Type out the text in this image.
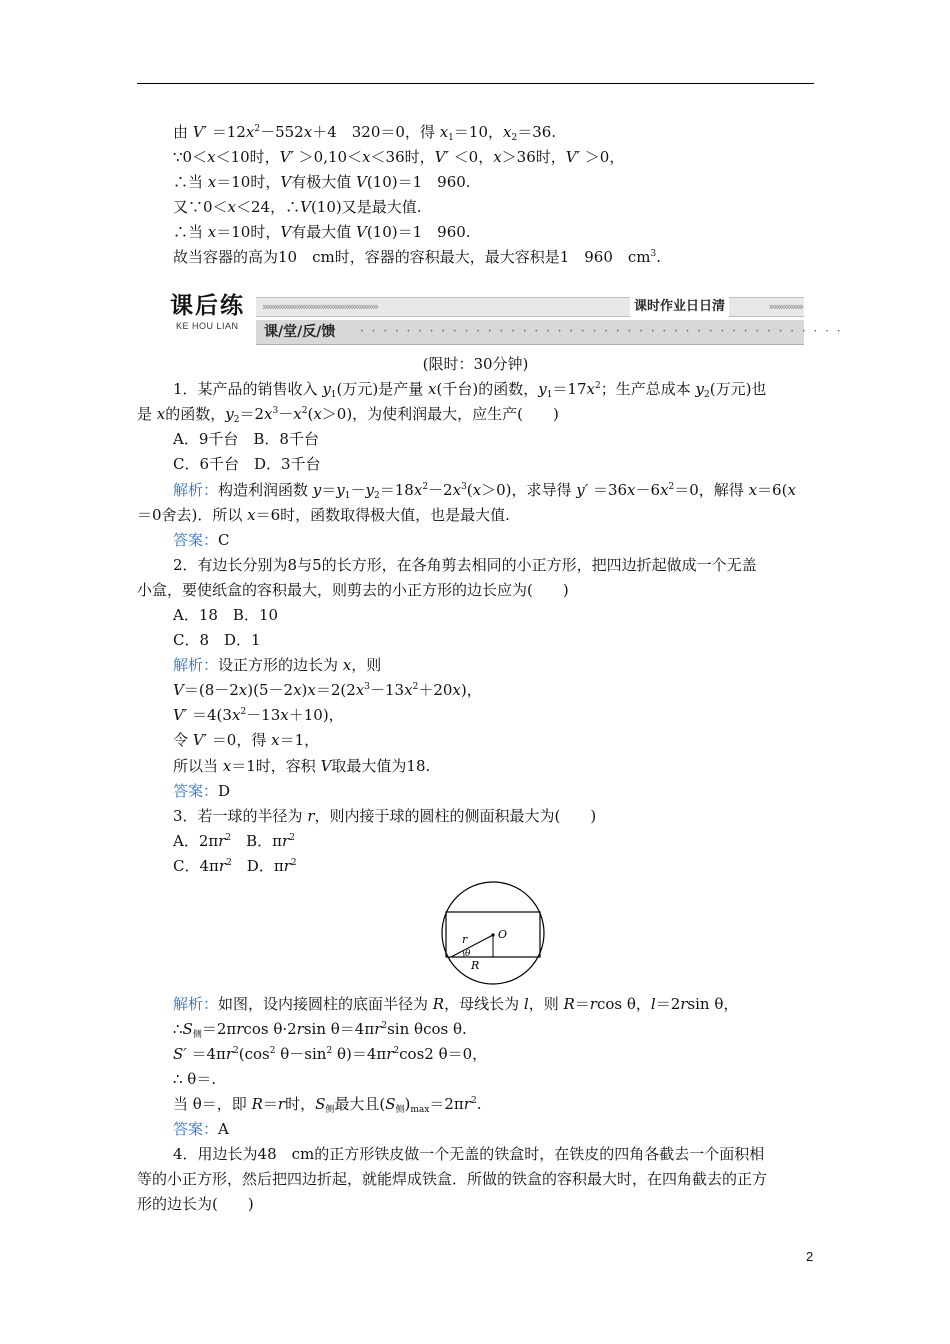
由 $V' =12x^2-552x+4$　320＝0，得 $x_1=10$，$x_2=36$.
∵0＜x＜10时，V′ ＞0,10＜x＜36时，V′ ＜0，x＞36时，V′ ＞0，
∴当 x＝10时，V有极大值 V(10)＝1　960.
又∵0＜x＜24，∴V(10)又是最大值.
∴当 x＝10时，V有最大值 V(10)＝1　960.
故当容器的高为10　cm时，容器的容积最大，最大容积是1　960　$cm^3$.
课后练
KE HOU LIAN
››››››››››››››››››››››››››››››››››››››››››››››››	课时作业日日清	››››››››››››››
课/堂/反/馈 · · · · · · · · · · · · · · · · · · · · · · · · · · · · · · · · · · · · · · · · · ·
(限时：30分钟)
1．某产品的销售收入 $y_1$(万元)是产量 x(千台)的函数，$y_1=17x^2$；生产总成本 $y_2$(万元)也
是 x的函数，$y_2=2x^3-x^2(x>0)$，为使利润最大，应生产(　　)
A．9千台　B．8千台
C．6千台　D．3千台
解析：构造利润函数 $y=y_1-y_2=18x^2-2x^3(x>0)$，求导得 $y' =36x-6x^2=0$，解得 x＝6(x
＝0舍去)．所以 x＝6时，函数取得极大值，也是最大值.
答案：C
2．有边长分别为8与5的长方形，在各角剪去相同的小正方形，把四边折起做成一个无盖
小盒，要使纸盒的容积最大，则剪去的小正方形的边长应为(　　)
A．18　B．10
C．8　D．1
解析：设正方形的边长为 x，则
$V=(8-2x)(5-2x)x=2(2x^3-13x^2+20x)$，
$V' =4(3x^2-13x+10)$，
令 V′ ＝0，得 x＝1，
所以当 x＝1时，容积 V取最大值为18.
答案：D
3．若一球的半径为 r，则内接于球的圆柱的侧面积最大为(　　)
A．$2\pi r^2$　B．$\pi r^2$
C．$4\pi r^2$　D．$\pi r^2$
r
θ
R
O
解析：如图，设内接圆柱的底面半径为 R，母线长为 l，则 R＝rcos θ，l＝2rsin θ，
$\therefore S_侧=2\pi rcos$ θ·2rsin $\theta=4\pi r^2\sin$ θcos θ.
$S' =4\pi r^2(\cos^2$ $\theta-\sin^2$ $\theta)=4\pi r^2\cos 2$ θ＝0，
∴ θ＝.
当 θ＝，即 R＝r时，$S_侧$最大且$(S_侧)_{max}=2\pi r^2$.
答案：A
4．用边长为48　cm的正方形铁皮做一个无盖的铁盒时，在铁皮的四角各截去一个面积相
等的小正方形，然后把四边折起，就能焊成铁盒．所做的铁盒的容积最大时，在四角截去的正方
形的边长为(　　)
2
